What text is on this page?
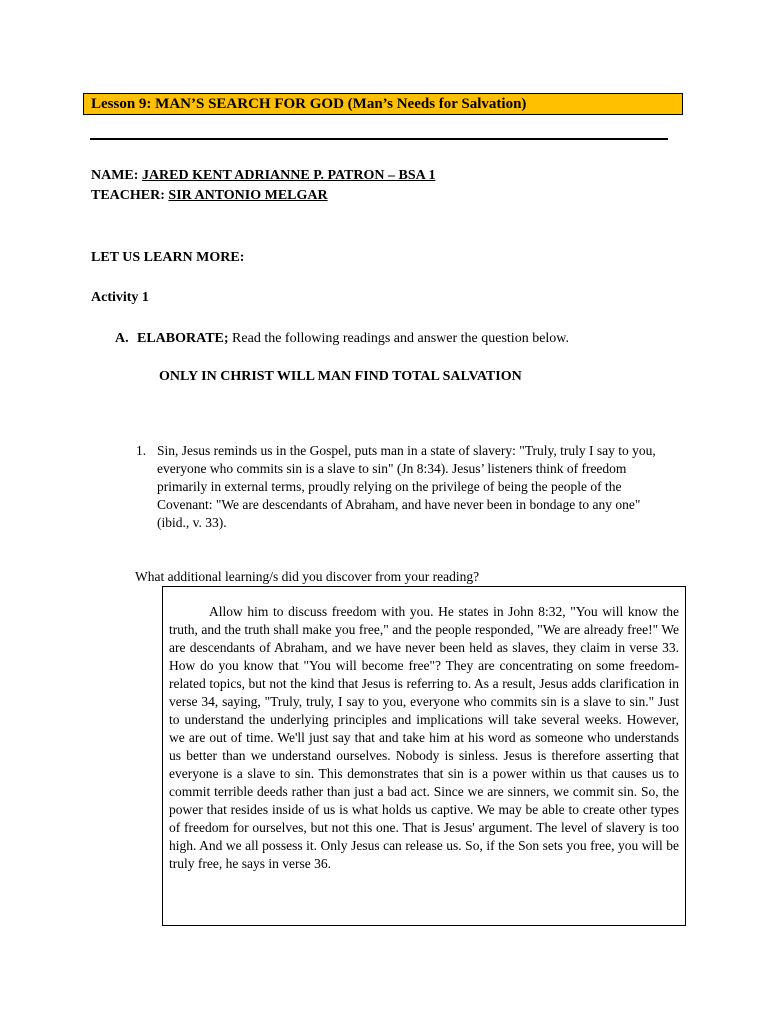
Lesson 9: MAN’S SEARCH FOR GOD (Man’s Needs for Salvation)
NAME: JARED KENT ADRIANNE P. PATRON – BSA 1
TEACHER: SIR ANTONIO MELGAR
LET US LEARN MORE:
Activity 1
A. ELABORATE; Read the following readings and answer the question below.
ONLY IN CHRIST WILL MAN FIND TOTAL SALVATION
1. Sin, Jesus reminds us in the Gospel, puts man in a state of slavery: "Truly, truly I say to you, everyone who commits sin is a slave to sin" (Jn 8:34). Jesus’ listeners think of freedom primarily in external terms, proudly relying on the privilege of being the people of the Covenant: "We are descendants of Abraham, and have never been in bondage to any one" (ibid., v. 33).
What additional learning/s did you discover from your reading?

Allow him to discuss freedom with you. He states in John 8:32, "You will know the truth, and the truth shall make you free," and the people responded, "We are already free!" We are descendants of Abraham, and we have never been held as slaves, they claim in verse 33. How do you know that "You will become free"? They are concentrating on some freedom-related topics, but not the kind that Jesus is referring to. As a result, Jesus adds clarification in verse 34, saying, "Truly, truly, I say to you, everyone who commits sin is a slave to sin." Just to understand the underlying principles and implications will take several weeks. However, we are out of time. We'll just say that and take him at his word as someone who understands us better than we understand ourselves. Nobody is sinless. Jesus is therefore asserting that everyone is a slave to sin. This demonstrates that sin is a power within us that causes us to commit terrible deeds rather than just a bad act. Since we are sinners, we commit sin. So, the power that resides inside of us is what holds us captive. We may be able to create other types of freedom for ourselves, but not this one. That is Jesus' argument. The level of slavery is too high. And we all possess it. Only Jesus can release us. So, if the Son sets you free, you will be truly free, he says in verse 36.
